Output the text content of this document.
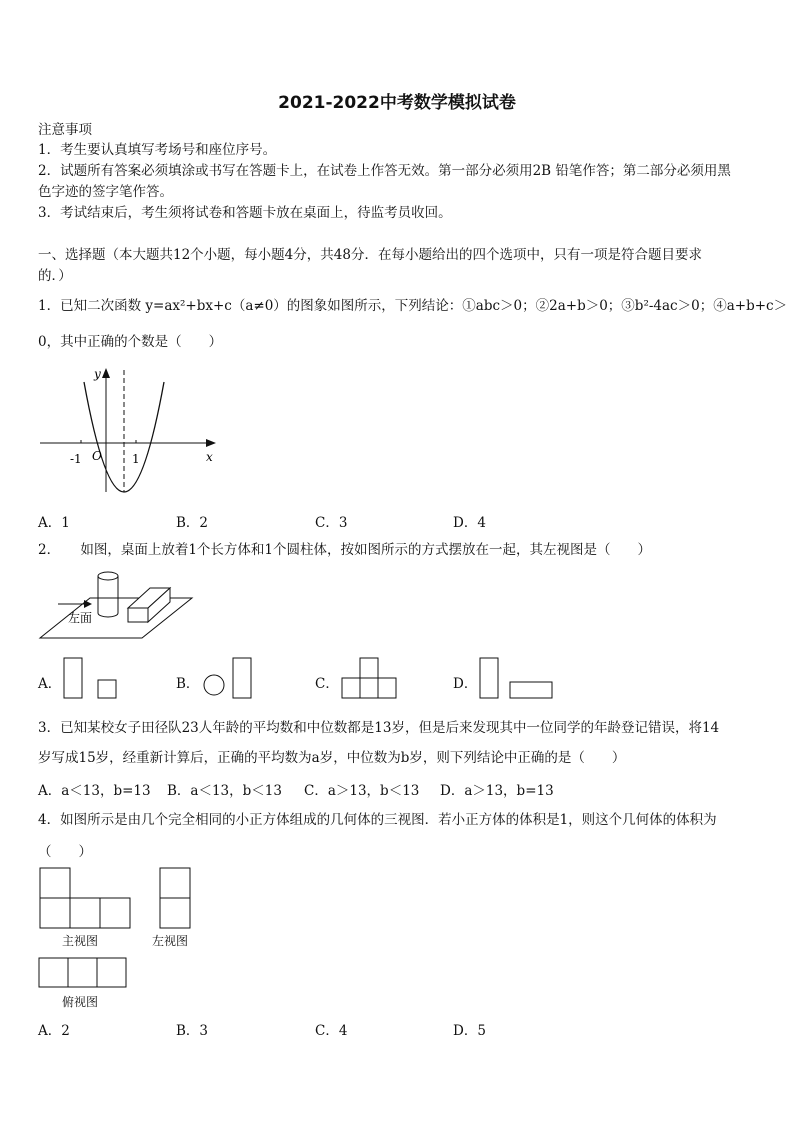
2021-2022中考数学模拟试卷
注意事项
1．考生要认真填写考场号和座位序号。
2．试题所有答案必须填涂或书写在答题卡上，在试卷上作答无效。第一部分必须用2B 铅笔作答；第二部分必须用黑
色字迹的签字笔作答。
3．考试结束后，考生须将试卷和答题卡放在桌面上，待监考员收回。
一、选择题（本大题共12个小题，每小题4分，共48分．在每小题给出的四个选项中，只有一项是符合题目要求
的．）
1．已知二次函数 y=ax²+bx+c（a≠0）的图象如图所示，下列结论：①abc＞0；②2a+b＞0；③b²-4ac＞0；④a+b+c＞
0，其中正确的个数是（　　）
y
x
O
-1	1
A．1	B．2	C．3	D．4
2．　　如图，桌面上放着1个长方体和1个圆柱体，按如图所示的方式摆放在一起，其左视图是（　　）
左面
A．	B．	C．	D．
3．已知某校女子田径队23人年龄的平均数和中位数都是13岁，但是后来发现其中一位同学的年龄登记错误，将14
岁写成15岁，经重新计算后，正确的平均数为a岁，中位数为b岁，则下列结论中正确的是（　　）
A．a＜13，b=13 B．a＜13，b＜13 C．a＞13，b＜13 D．a＞13，b=13
4．如图所示是由几个完全相同的小正方体组成的几何体的三视图．若小正方体的体积是1，则这个几何体的体积为
（　　）
主视图	左视图
俯视图
A．2	B．3	C．4	D．5
